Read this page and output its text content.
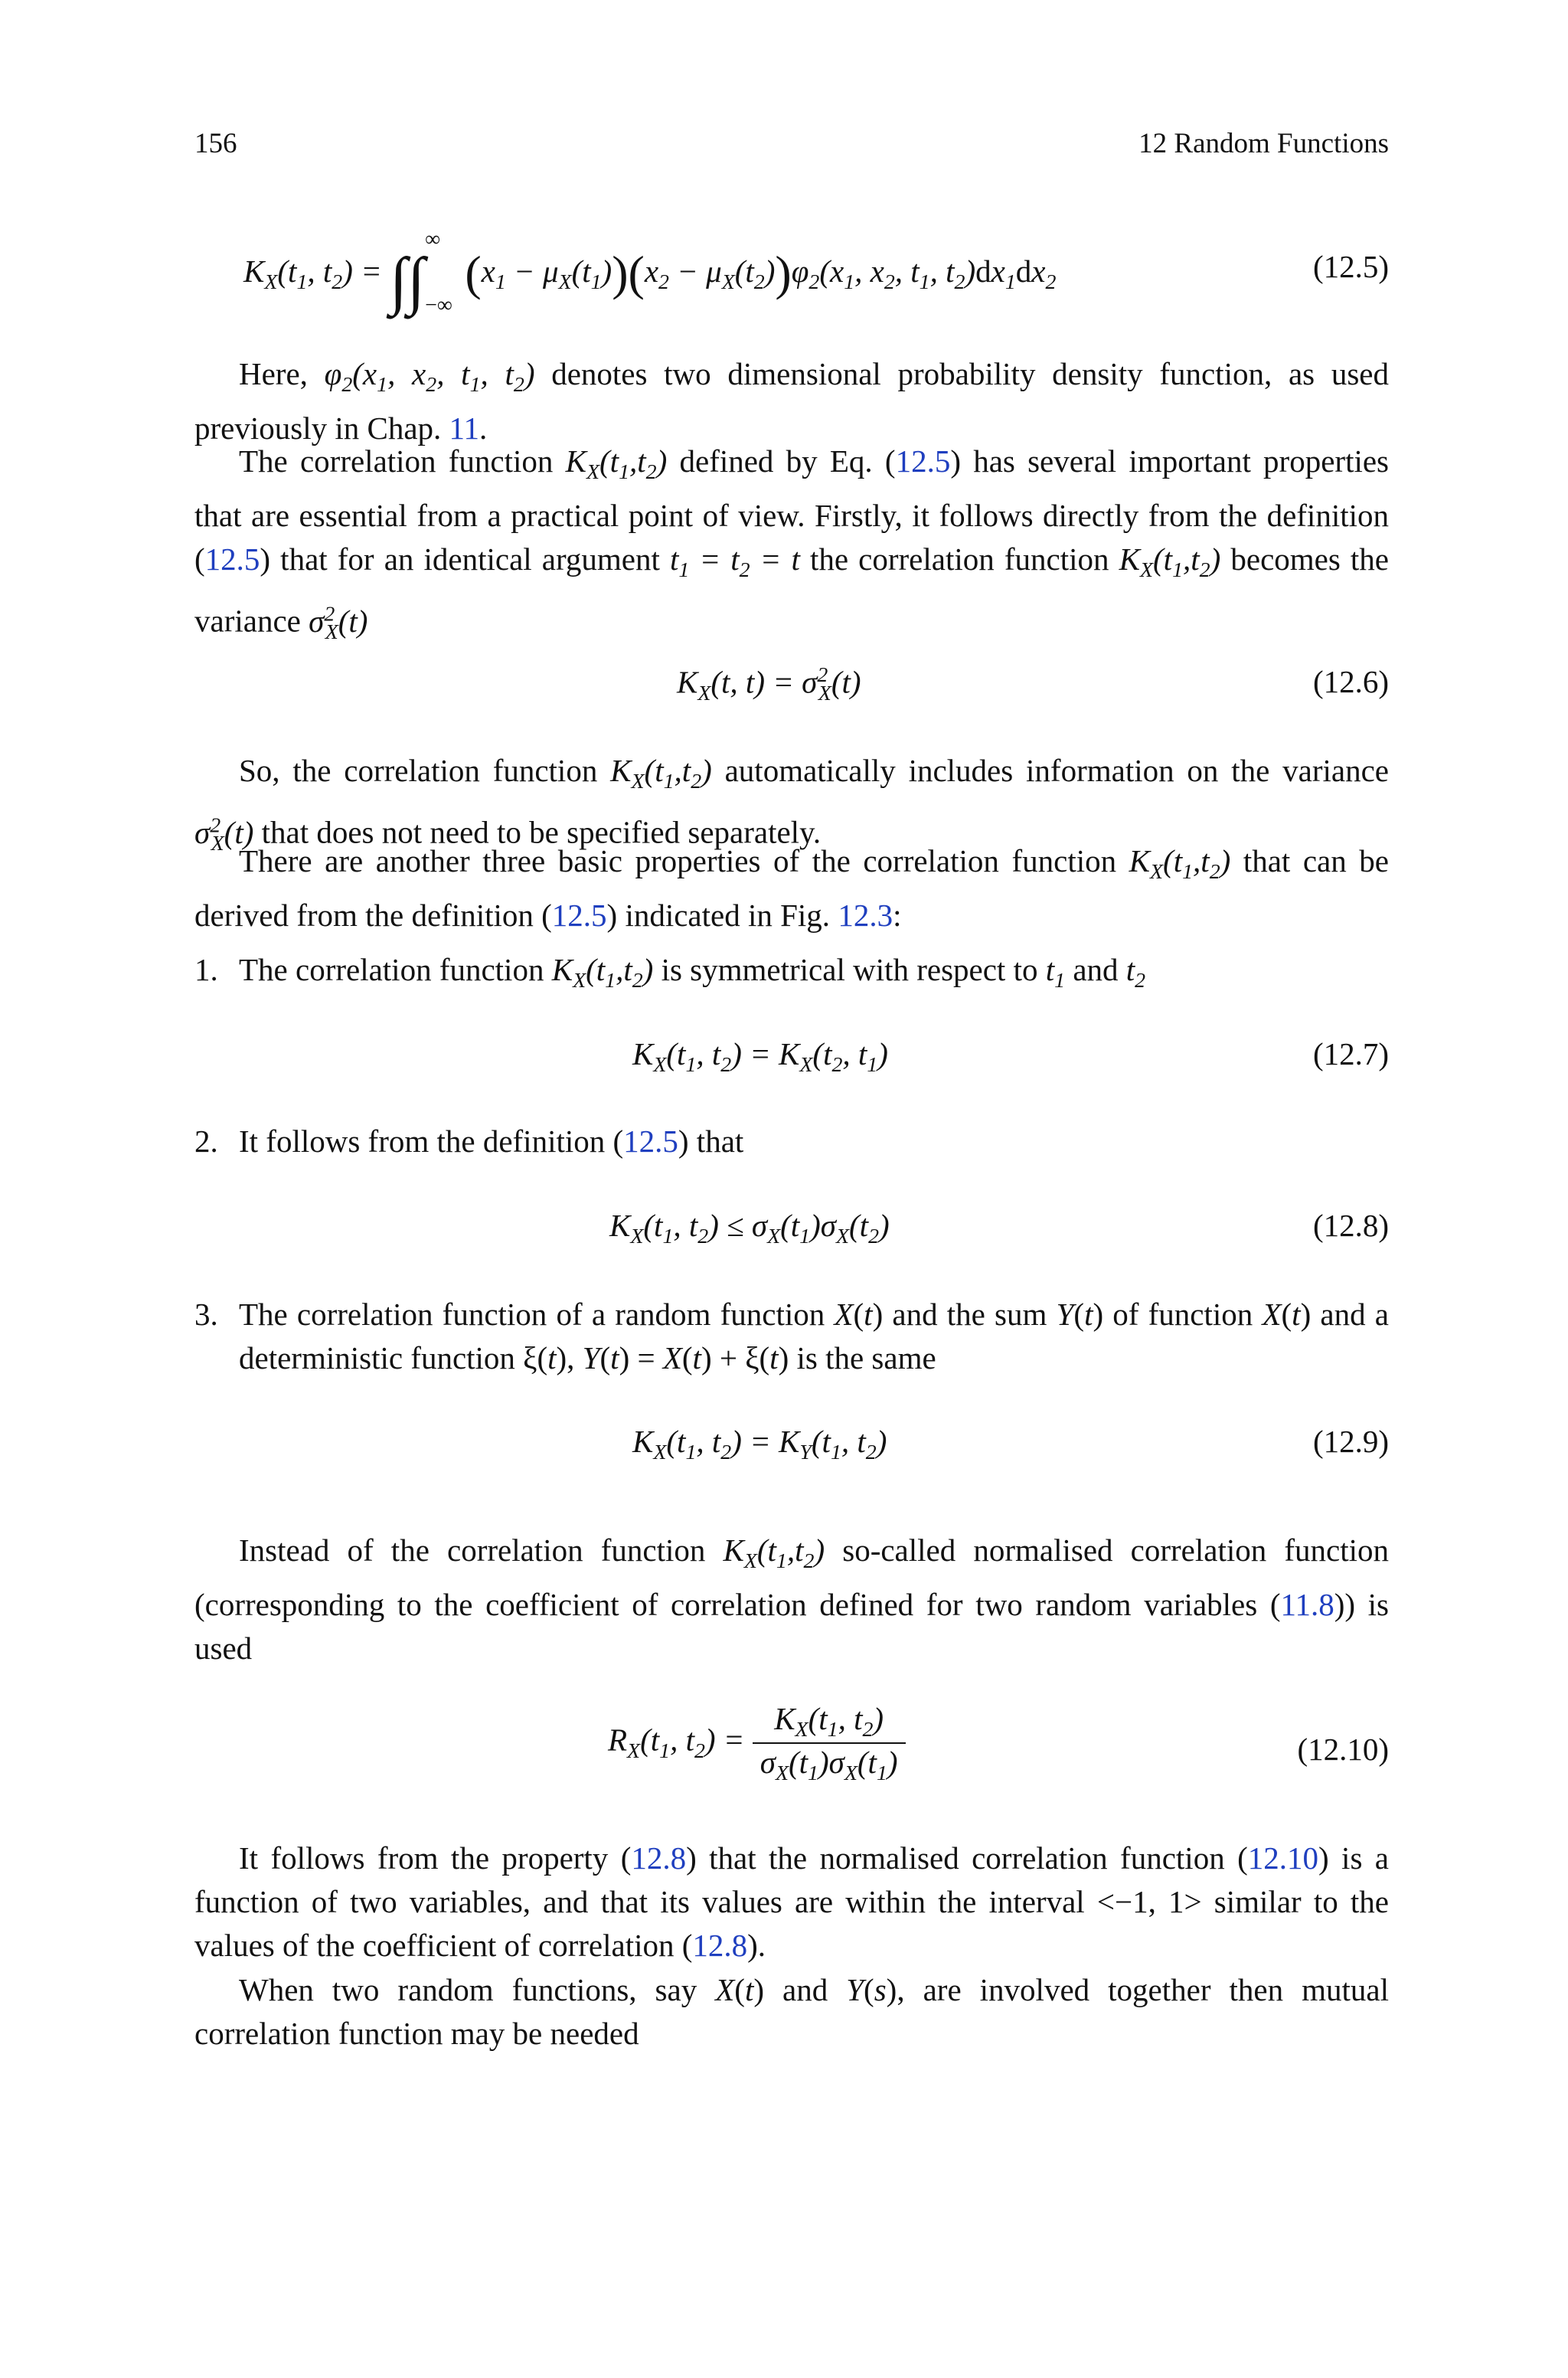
156	12 Random Functions
$K_X(t_1$, $t_2$) = ∫∫
∞
−∞
$(x_1 - \mu_X(t_1))(x_2 - \mu_X(t_2))\varphi_2(x_1$, $x_2$, $t_1$, $t_2)dx_1dx_2$	(12.5)
Here, $\varphi_2(x_1$, $x_2$, $t_1$, $t_2$) denotes two dimensional probability density function, as used previously in Chap. 11.
The correlation function $K_X(t_1,t_2)$ defined by Eq. (12.5) has several important properties that are essential from a practical point of view. Firstly, it follows directly from the definition (12.5) that for an identical argument $t_1 = t_2 = t$ the correlation function $K_X(t_1,t_2)$ becomes the variance $\sigma^2_X(t)$
$K_X(t$, $t) = \sigma^2_X(t)$	(12.6)
So, the correlation function $K_X(t_1,t_2)$ automatically includes information on the variance $\sigma^2_X(t)$ that does not need to be specified separately.
There are another three basic properties of the correlation function $K_X(t_1,t_2)$ that can be derived from the definition (12.5) indicated in Fig. 12.3:
1. The correlation function $K_X(t_1,t_2)$ is symmetrical with respect to $t_1$ and $t_2$
$K_X(t_1$, $t_2) = K_X(t_2$, $t_1$)	(12.7)
2. It follows from the definition (12.5) that
$K_X(t_1$, $t_2) \le \sigma_X(t_1)\sigma_X(t_2)$	(12.8)
3. The correlation function of a random function X(t) and the sum Y(t) of function X(t) and a deterministic function ξ(t), Y(t) = X(t) + ξ(t) is the same
$K_X(t_1$, $t_2) = K_Y(t_1$, $t_2$)	(12.9)
Instead of the correlation function $K_X(t_1,t_2)$ so-called normalised correlation function (corresponding to the coefficient of correlation defined for two random variables (11.8)) is used
$R_X(t_1$, $t_2) = \frac{K_X(t_1, t_2)}{\sigma_X(t_1)\sigma_X(t_1)}$	(12.10)
It follows from the property (12.8) that the normalised correlation function (12.10) is a function of two variables, and that its values are within the interval <−1, 1> similar to the values of the coefficient of correlation (12.8).
When two random functions, say X(t) and Y(s), are involved together then mutual correlation function may be needed
